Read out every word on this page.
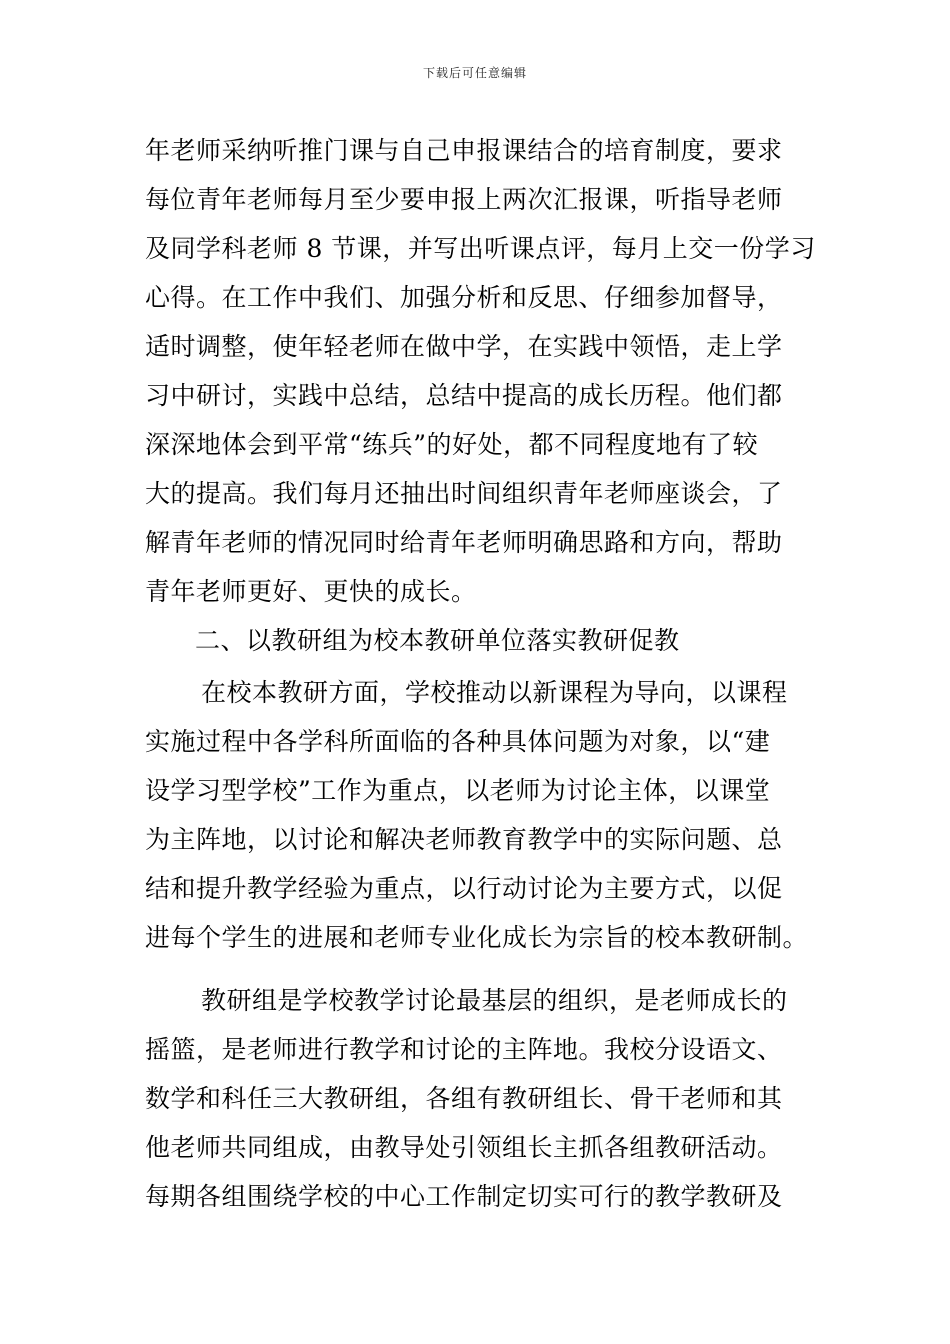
下载后可任意编辑
年老师采纳听推门课与自己申报课结合的培育制度，要求
每位青年老师每月至少要申报上两次汇报课，听指导老师
及同学科老师 8 节课，并写出听课点评，每月上交一份学习
心得。在工作中我们、加强分析和反思、仔细参加督导，
适时调整，使年轻老师在做中学，在实践中领悟，走上学
习中研讨，实践中总结，总结中提高的成长历程。他们都
深深地体会到平常“练兵”的好处，都不同程度地有了较
大的提高。我们每月还抽出时间组织青年老师座谈会，了
解青年老师的情况同时给青年老师明确思路和方向，帮助
青年老师更好、更快的成长。
二、以教研组为校本教研单位落实教研促教
在校本教研方面，学校推动以新课程为导向，以课程
实施过程中各学科所面临的各种具体问题为对象，以“建
设学习型学校”工作为重点，以老师为讨论主体，以课堂
为主阵地，以讨论和解决老师教育教学中的实际问题、总
结和提升教学经验为重点，以行动讨论为主要方式，以促
进每个学生的进展和老师专业化成长为宗旨的校本教研制。
教研组是学校教学讨论最基层的组织，是老师成长的
摇篮，是老师进行教学和讨论的主阵地。我校分设语文、
数学和科任三大教研组，各组有教研组长、骨干老师和其
他老师共同组成，由教导处引领组长主抓各组教研活动。
每期各组围绕学校的中心工作制定切实可行的教学教研及
